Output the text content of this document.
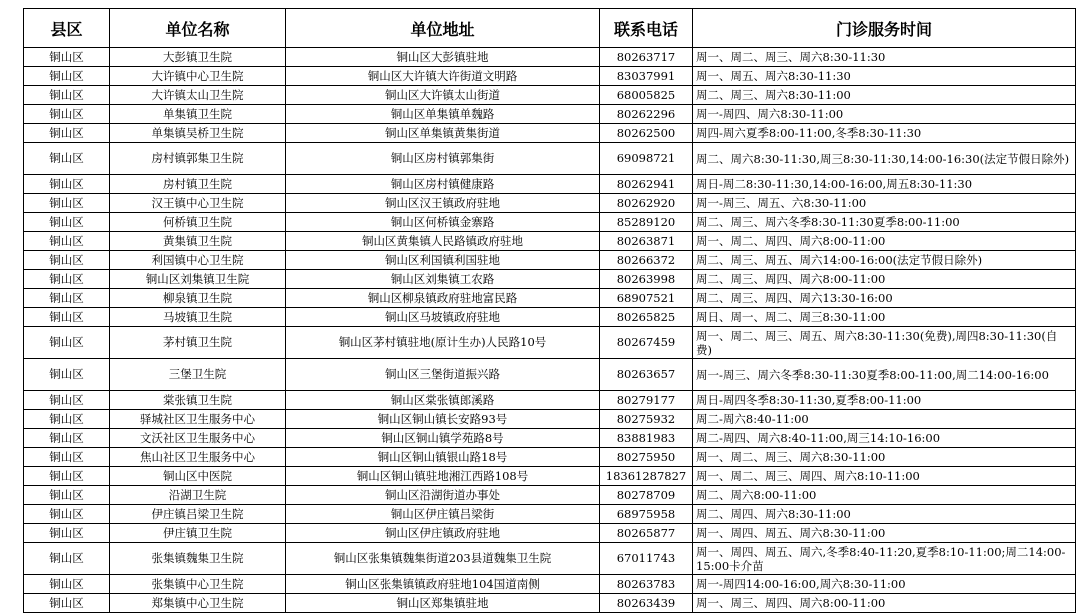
县区	单位名称	单位地址	联系电话	门诊服务时间
铜山区	大彭镇卫生院	铜山区大彭镇驻地	80263717	周一、周二、周三、周六8:30-11:30
铜山区	大许镇中心卫生院	铜山区大许镇大许街道文明路	83037991	周一、周五、周六8:30-11:30
铜山区	大许镇太山卫生院	铜山区大许镇太山街道	68005825	周二、周三、周六8:30-11:00
铜山区	单集镇卫生院	铜山区单集镇单魏路	80262296	周一-周四、周六8:30-11:00
铜山区	单集镇吴桥卫生院	铜山区单集镇黄集街道	80262500	周四-周六夏季8:00-11:00,冬季8:30-11:30
铜山区	房村镇郭集卫生院	铜山区房村镇郭集街	69098721	周二、周六8:30-11:30,周三8:30-11:30,14:00-16:30(法定节假日除外)
铜山区	房村镇卫生院	铜山区房村镇健康路	80262941	周日-周二8:30-11:30,14:00-16:00,周五8:30-11:30
铜山区	汉王镇中心卫生院	铜山区汉王镇政府驻地	80262920	周一-周三、周五、六8:30-11:00
铜山区	何桥镇卫生院	铜山区何桥镇金寨路	85289120	周二、周三、周六冬季8:30-11:30夏季8:00-11:00
铜山区	黄集镇卫生院	铜山区黄集镇人民路镇政府驻地	80263871	周一、周二、周四、周六8:00-11:00
铜山区	利国镇中心卫生院	铜山区利国镇利国驻地	80266372	周二、周三、周五、周六14:00-16:00(法定节假日除外)
铜山区	铜山区刘集镇卫生院	铜山区刘集镇工农路	80263998	周二、周三、周四、周六8:00-11:00
铜山区	柳泉镇卫生院	铜山区柳泉镇政府驻地富民路	68907521	周二、周三、周四、周六13:30-16:00
铜山区	马坡镇卫生院	铜山区马坡镇政府驻地	80265825	周日、周一、周二、周三8:30-11:00
铜山区	茅村镇卫生院	铜山区茅村镇驻地(原计生办)人民路10号	80267459	周一、周二、周三、周五、周六8:30-11:30(免费),周四8:30-11:30(自费)
铜山区	三堡卫生院	铜山区三堡街道振兴路	80263657	周一-周三、周六冬季8:30-11:30夏季8:00-11:00,周二14:00-16:00
铜山区	棠张镇卫生院	铜山区棠张镇郎溪路	80279177	周日-周四冬季8:30-11:30,夏季8:00-11:00
铜山区	驿城社区卫生服务中心	铜山区铜山镇长安路93号	80275932	周二-周六8:40-11:00
铜山区	文沃社区卫生服务中心	铜山区铜山镇学苑路8号	83881983	周二-周四、周六8:40-11:00,周三14:10-16:00
铜山区	焦山社区卫生服务中心	铜山区铜山镇银山路18号	80275950	周一、周二、周三、周六8:30-11:00
铜山区	铜山区中医院	铜山区铜山镇驻地湘江西路108号	18361287827	周一、周二、周三、周四、周六8:10-11:00
铜山区	沿湖卫生院	铜山区沿湖街道办事处	80278709	周二、周六8:00-11:00
铜山区	伊庄镇吕梁卫生院	铜山区伊庄镇吕梁街	68975958	周二、周四、周六8:30-11:00
铜山区	伊庄镇卫生院	铜山区伊庄镇政府驻地	80265877	周一、周四、周五、周六8:30-11:00
铜山区	张集镇魏集卫生院	铜山区张集镇魏集街道203县道魏集卫生院	67011743	周一、周四、周五、周六,冬季8:40-11:20,夏季8:10-11:00;周二14:00-15:00卡介苗
铜山区	张集镇中心卫生院	铜山区张集镇镇政府驻地104国道南侧	80263783	周一-周四14:00-16:00,周六8:30-11:00
铜山区	郑集镇中心卫生院	铜山区郑集镇驻地	80263439	周一、周三、周四、周六8:00-11:00
